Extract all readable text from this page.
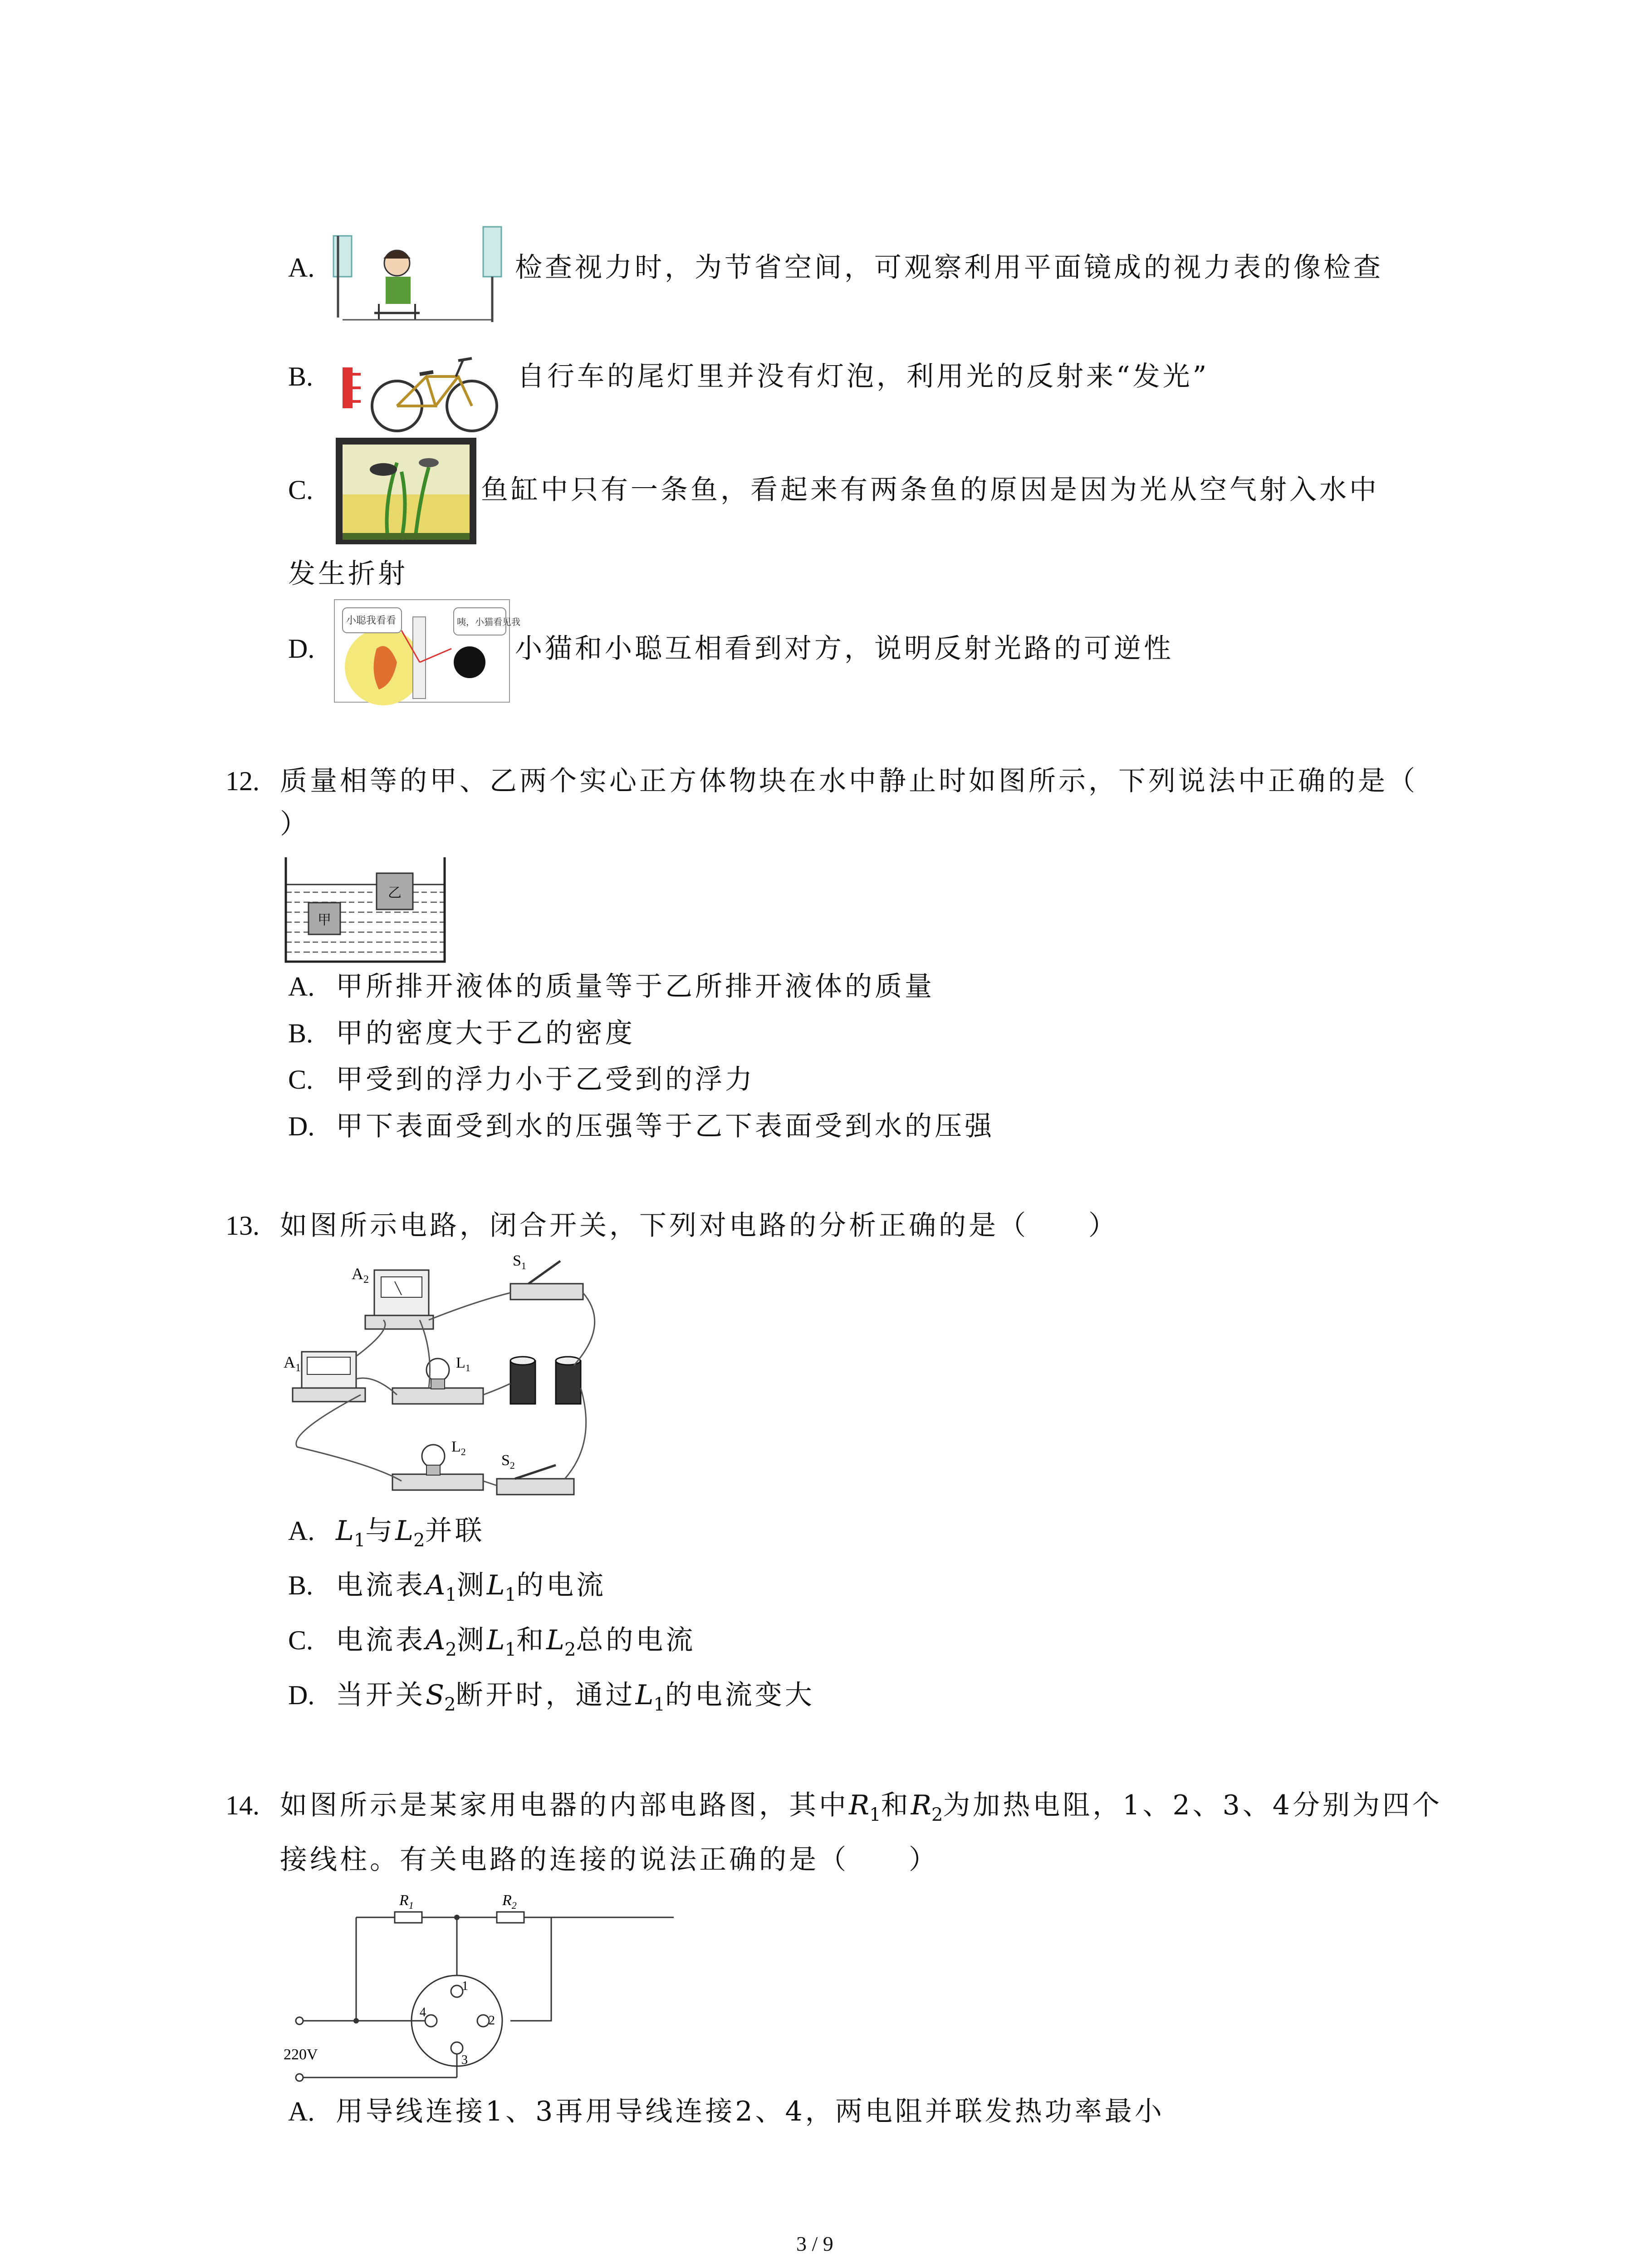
A.	检查视力时，为节省空间，可观察利用平面镜成的视力表的像检查
B.	自行车的尾灯里并没有灯泡，利用光的反射来“发光”
C.	鱼缸中只有一条鱼，看起来有两条鱼的原因是因为光从空气射入水中
发生折射
D.
小聪我看看	咦，小猫看见我
小猫和小聪互相看到对方，说明反射光路的可逆性
12. 质量相等的甲、乙两个实心正方体物块在水中静止时如图所示，下列说法中正确的是（
）
甲
乙
A. 甲所排开液体的质量等于乙所排开液体的质量
B. 甲的密度大于乙的密度
C. 甲受到的浮力小于乙受到的浮力
D. 甲下表面受到水的压强等于乙下表面受到水的压强
13. 如图所示电路，闭合开关，下列对电路的分析正确的是（　　）
$A_2$
$S_1$
$A_1$	$L_1$
$L_2$
$S_2$
A. $L_1$与$L_2$并联
B. 电流表$A_1$测$L_1$的电流
C. 电流表$A_2$测$L_1$和$L_2$总的电流
D. 当开关$S_2$断开时，通过$L_1$的电流变大
14. 如图所示是某家用电器的内部电路图，其中$R_1$和$R_2$为加热电阻，1、2、3、4分别为四个
接线柱。有关电路的连接的说法正确的是（　　）
$R_1$	$R_2$
1
2
3
4
220V
A. 用导线连接1、3再用导线连接2、4，两电阻并联发热功率最小
3 / 9
